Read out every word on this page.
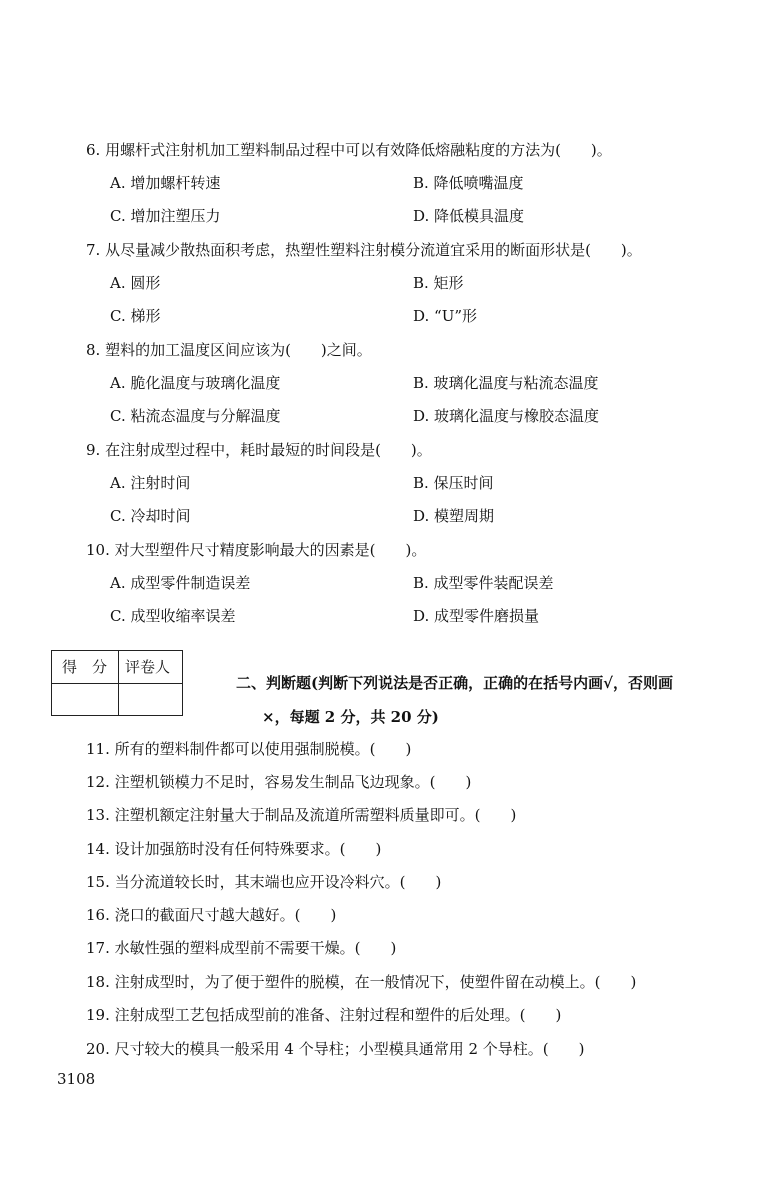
6. 用螺杆式注射机加工塑料制品过程中可以有效降低熔融粘度的方法为(　　)。
A. 增加螺杆转速	B. 降低喷嘴温度
C. 增加注塑压力	D. 降低模具温度
7. 从尽量减少散热面积考虑，热塑性塑料注射模分流道宜采用的断面形状是(　　)。
A. 圆形	B. 矩形
C. 梯形	D. “U”形
8. 塑料的加工温度区间应该为(　　)之间。
A. 脆化温度与玻璃化温度	B. 玻璃化温度与粘流态温度
C. 粘流态温度与分解温度	D. 玻璃化温度与橡胶态温度
9. 在注射成型过程中，耗时最短的时间段是(　　)。
A. 注射时间	B. 保压时间
C. 冷却时间	D. 模塑周期
10. 对大型塑件尺寸精度影响最大的因素是(　　)。
A. 成型零件制造误差	B. 成型零件装配误差
C. 成型收缩率误差	D. 成型零件磨损量
得　分 评卷人
二、判断题(判断下列说法是否正确，正确的在括号内画√，否则画
×，每题 2 分，共 20 分)
11. 所有的塑料制件都可以使用强制脱模。(　　)
12. 注塑机锁模力不足时，容易发生制品飞边现象。(　　)
13. 注塑机额定注射量大于制品及流道所需塑料质量即可。(　　)
14. 设计加强筋时没有任何特殊要求。(　　)
15. 当分流道较长时，其末端也应开设冷料穴。(　　)
16. 浇口的截面尺寸越大越好。(　　)
17. 水敏性强的塑料成型前不需要干燥。(　　)
18. 注射成型时，为了便于塑件的脱模，在一般情况下，使塑件留在动模上。(　　)
19. 注射成型工艺包括成型前的准备、注射过程和塑件的后处理。(　　)
20. 尺寸较大的模具一般采用 4 个导柱；小型模具通常用 2 个导柱。(　　)
3108
